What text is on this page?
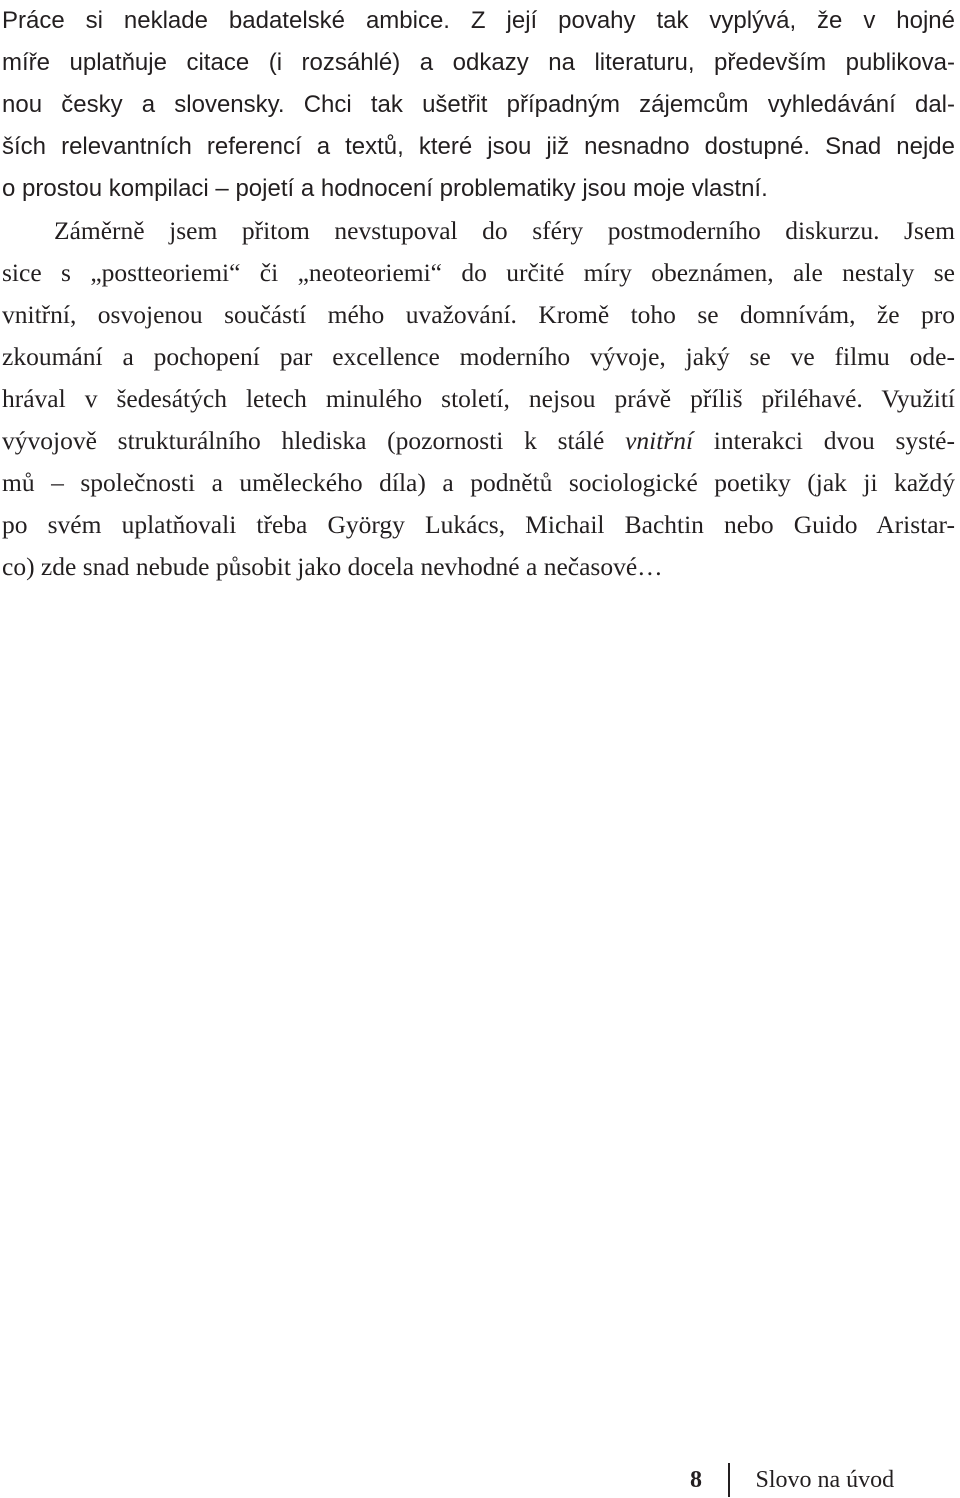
Práce si neklade badatelské ambice. Z její povahy tak vyplývá, že v hojné
míře uplatňuje citace (i rozsáhlé) a odkazy na literaturu, především publikova-
nou česky a slovensky. Chci tak ušetřit případným zájemcům vyhledávání dal-
ších relevantních referencí a textů, které jsou již nesnadno dostupné. Snad nejde
o prostou kompilaci – pojetí a hodnocení problematiky jsou moje vlastní.
Záměrně jsem přitom nevstupoval do sféry postmoderního diskurzu. Jsem
sice s „postteoriemi“ či „neoteoriemi“ do určité míry obeznámen, ale nestaly se
vnitřní, osvojenou součástí mého uvažování. Kromě toho se domnívám, že pro
zkoumání a pochopení par excellence moderního vývoje, jaký se ve filmu ode-
hrával v šedesátých letech minulého století, nejsou právě příliš přiléhavé. Využití
vývojově strukturálního hlediska (pozornosti k stálé vnitřní interakci dvou systé-
mů – společnosti a uměleckého díla) a podnětů sociologické poetiky (jak ji každý
po svém uplatňovali třeba György Lukács, Michail Bachtin nebo Guido Aristar-
co) zde snad nebude působit jako docela nevhodné a nečasové…
8	Slovo na úvod
